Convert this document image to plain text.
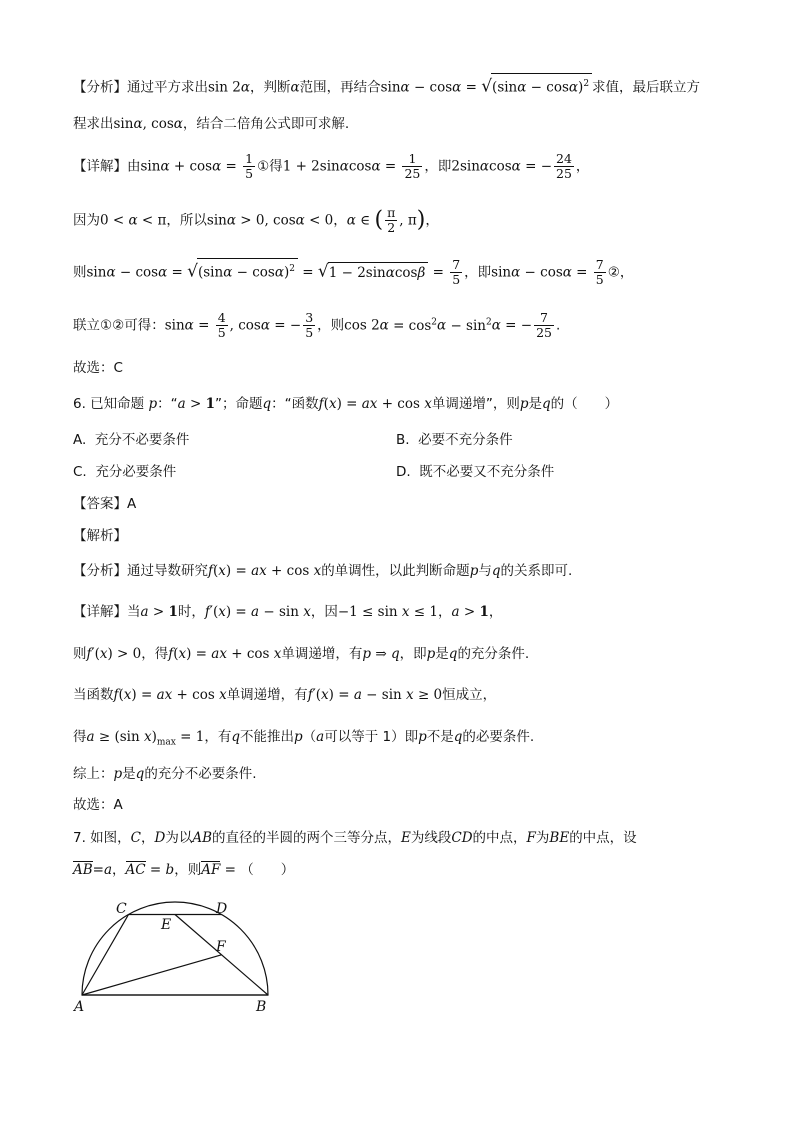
【分析】通过平方求出sin 2α，判断α范围，再结合$\sin\alpha - \cos\alpha = √(\sin\alpha - \cos\alpha)^2$ 求值，最后联立方
程求出sinα, cosα，结合二倍角公式即可求解.
【详解】由$\sin\alpha + \cos\alpha = \frac{1}{5}$ ①得$1 + 2\sin\alpha\cos\alpha = \frac{1}{25}$ ，即2sinαcosα = − $\frac{24}{25}$ ，
因为0 < α < π，所以sinα > 0, cosα < 0，α ∈ ( $\frac{\pi}{2}$ , π)，
则$\sin\alpha - \cos\alpha = √(\sin\alpha - \cos\alpha)^2 = √1 - 2\sin\alpha\cos\beta = \frac{7}{5}$ ，即$\sin\alpha - \cos\alpha = \frac{7}{5}$ ②，
联立①②可得：$\sin\alpha = \frac{4}{5}$ , cosα = − $\frac{3}{5}$ ，则$\cos 2\alpha = \cos^2\alpha - \sin^2\alpha$ = − $\frac{7}{25}$ .
故选：C
6. 已知命题 p：“a > 1”；命题q：“函数f(x) = ax + cos x单调递增”，则p是q的（　　）
A. 充分不必要条件	B. 必要不充分条件
C. 充分必要条件	D. 既不必要又不充分条件
【答案】A
【解析】
【分析】通过导数研究f(x) = ax + cos x的单调性，以此判断命题p与q的关系即可.
【详解】当a > 1时，f′(x) = a − sin x，因−1 ≤ sin x ≤ 1，a > 1，
则f′(x) > 0，得f(x) = ax + cos x单调递增，有p ⇒ q，即p是q的充分条件.
当函数f(x) = ax + cos x单调递增，有f′(x) = a − sin x ≥ 0恒成立，
得a ≥ (sin $x)_{max} = 1$，有q不能推出p（a可以等于 1）即p不是q的必要条件.
综上：p是q的充分不必要条件.
故选：A
7. 如图，C，D为以AB的直径的半圆的两个三等分点，E为线段CD的中点，F为BE的中点，设
AB=a，AC = b，则AF = （　　）
C	D
E
F
A	B
